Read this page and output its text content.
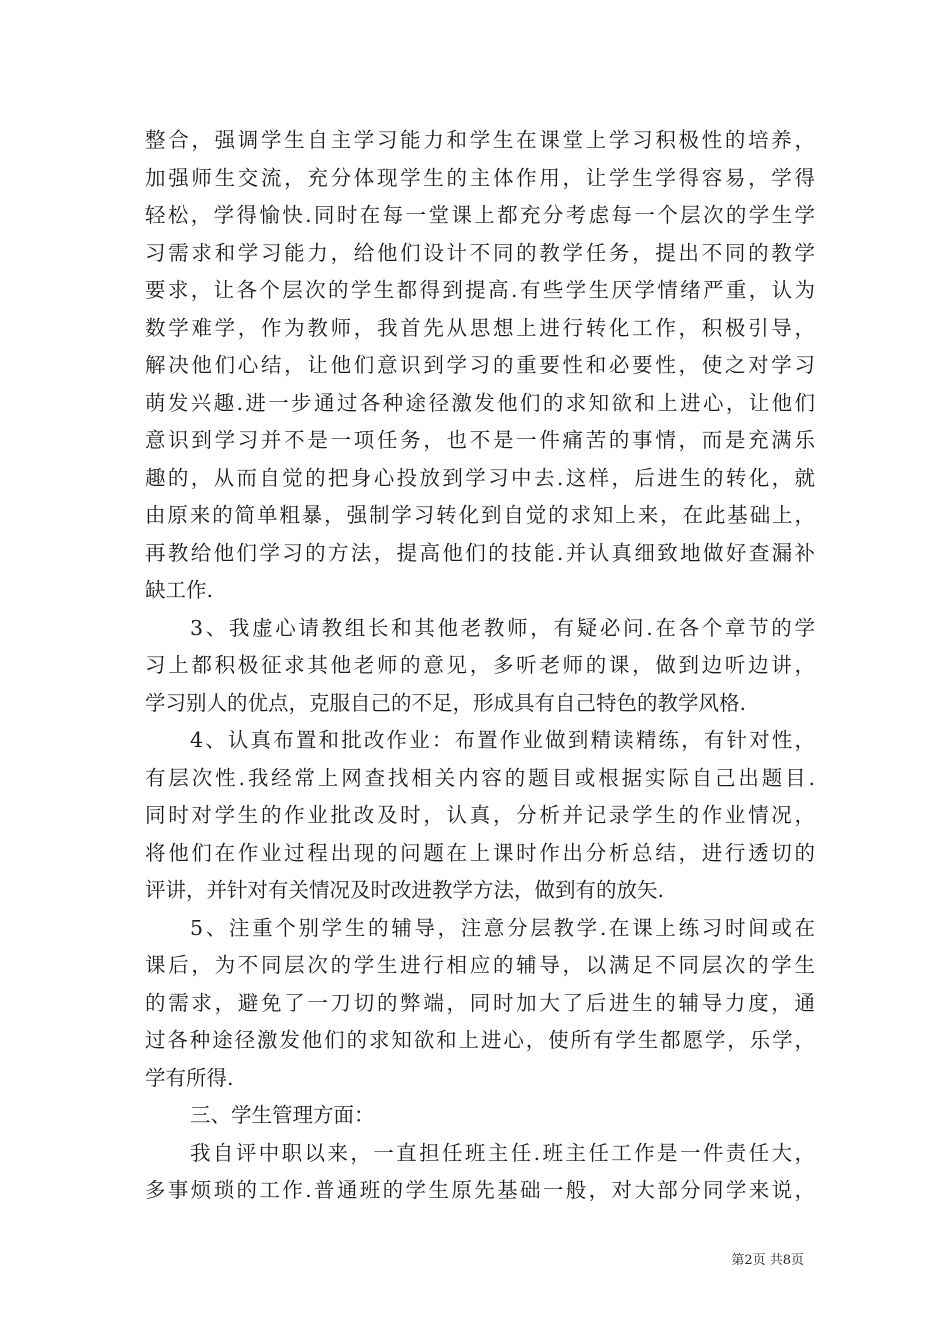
整合，强调学生自主学习能力和学生在课堂上学习积极性的培养，
加强师生交流，充分体现学生的主体作用，让学生学得容易，学得
轻松，学得愉快.同时在每一堂课上都充分考虑每一个层次的学生学
习需求和学习能力，给他们设计不同的教学任务，提出不同的教学
要求，让各个层次的学生都得到提高.有些学生厌学情绪严重，认为
数学难学，作为教师，我首先从思想上进行转化工作，积极引导，
解决他们心结，让他们意识到学习的重要性和必要性，使之对学习
萌发兴趣.进一步通过各种途径激发他们的求知欲和上进心，让他们
意识到学习并不是一项任务，也不是一件痛苦的事情，而是充满乐
趣的，从而自觉的把身心投放到学习中去.这样，后进生的转化，就
由原来的简单粗暴，强制学习转化到自觉的求知上来，在此基础上，
再教给他们学习的方法，提高他们的技能.并认真细致地做好查漏补
缺工作.
3、我虚心请教组长和其他老教师，有疑必问.在各个章节的学
习上都积极征求其他老师的意见，多听老师的课，做到边听边讲，
学习别人的优点，克服自己的不足，形成具有自己特色的教学风格.
4、认真布置和批改作业：布置作业做到精读精练，有针对性，
有层次性.我经常上网查找相关内容的题目或根据实际自己出题目.
同时对学生的作业批改及时，认真，分析并记录学生的作业情况，
将他们在作业过程出现的问题在上课时作出分析总结，进行透切的
评讲，并针对有关情况及时改进教学方法，做到有的放矢.
5、注重个别学生的辅导，注意分层教学.在课上练习时间或在
课后，为不同层次的学生进行相应的辅导，以满足不同层次的学生
的需求，避免了一刀切的弊端，同时加大了后进生的辅导力度，通
过各种途径激发他们的求知欲和上进心，使所有学生都愿学，乐学，
学有所得.
三、学生管理方面：
我自评中职以来，一直担任班主任.班主任工作是一件责任大，
多事烦琐的工作.普通班的学生原先基础一般，对大部分同学来说，
第2页 共8页
